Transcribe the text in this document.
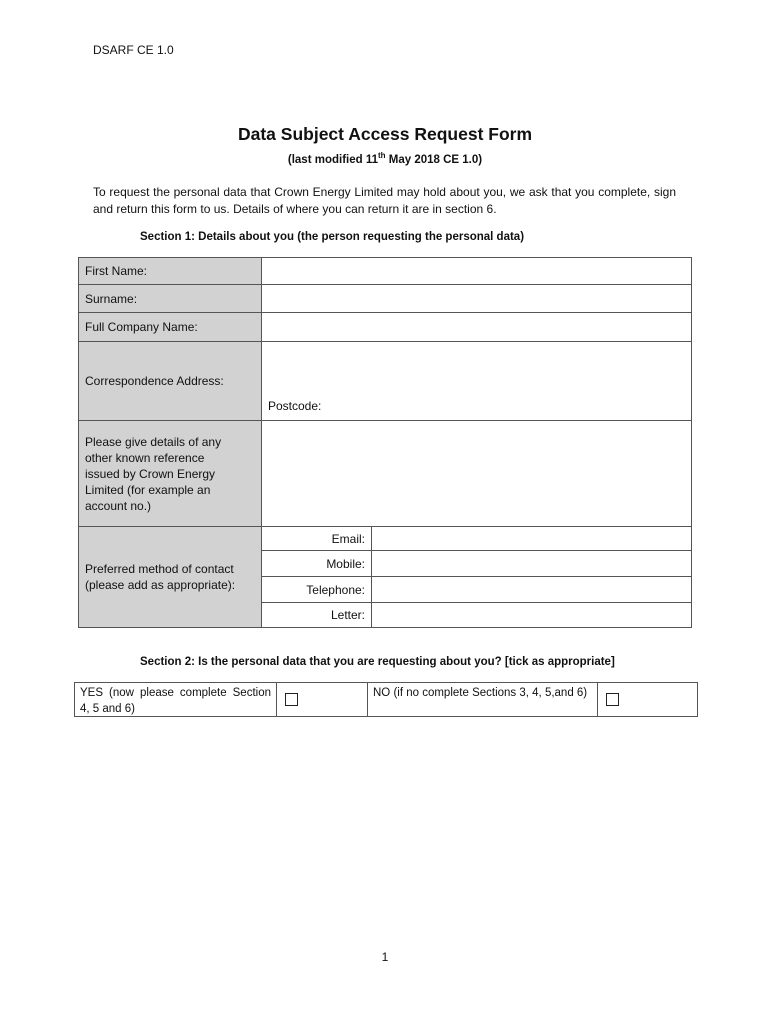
DSARF CE 1.0
Data Subject Access Request Form
(last modified 11th May 2018 CE 1.0)
To request the personal data that Crown Energy Limited may hold about you, we ask that you complete, sign and return this form to us. Details of where you can return it are in section 6.
Section 1: Details about you (the person requesting the personal data)
First Name:
Surname:
Full Company Name:
Correspondence Address:
Postcode:
Please give details of any other known reference issued by Crown Energy Limited (for example an account no.)
Preferred method of contact (please add as appropriate):
Email:
Mobile:
Telephone:
Letter:
Section 2: Is the personal data that you are requesting about you? [tick as appropriate]
YES (now please complete Section 4, 5 and 6)
NO (if no complete Sections 3, 4, 5,and 6)
1
